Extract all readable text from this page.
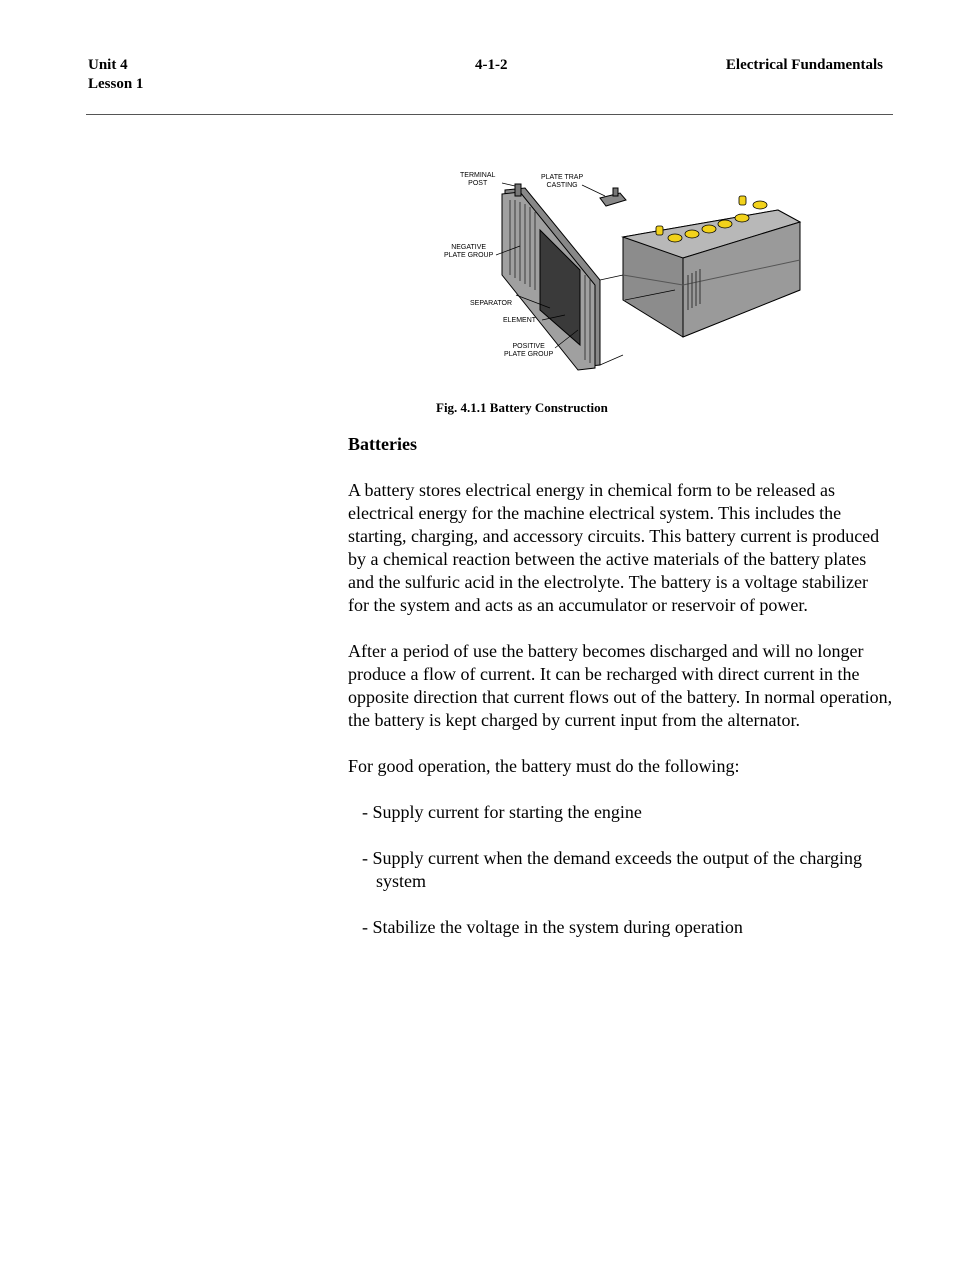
Unit 4
Lesson 1
4-1-2	Electrical Fundamentals
TERMINAL
POST
PLATE TRAP
CASTING
NEGATIVE
PLATE GROUP
SEPARATOR
ELEMENT
POSITIVE
PLATE GROUP
Fig. 4.1.1 Battery Construction
Batteries

A battery stores electrical energy in chemical form to be released as electrical energy for the machine electrical system. This includes the starting, charging, and accessory circuits. This battery current is produced by a chemical reaction between the active materials of the battery plates and the sulfuric acid in the electrolyte. The battery is a voltage stabilizer for the system and acts as an accumulator or reservoir of power.

After a period of use the battery becomes discharged and will no longer produce a flow of current. It can be recharged with direct current in the opposite direction that current flows out of the battery. In normal operation, the battery is kept charged by current input from the alternator.

For good operation, the battery must do the following:

- Supply current for starting the engine
- Supply current when the demand exceeds the output of the charging system
- Stabilize the voltage in the system during operation
